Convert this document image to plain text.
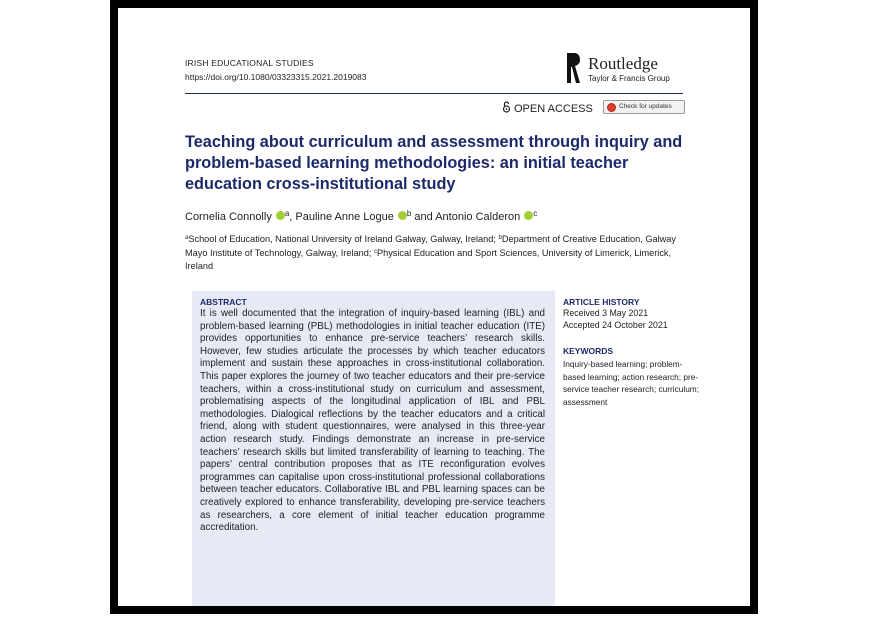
IRISH EDUCATIONAL STUDIES
https://doi.org/10.1080/03323315.2021.2019083
Routledge
Taylor & Francis Group
OPEN ACCESS	Check for updates
Teaching about curriculum and assessment through inquiry and problem-based learning methodologies: an initial teacher education cross-institutional study
Cornelia Connolly $^a$, Pauline Anne Logue $^b$ and Antonio Calderon $^c$
$^a$School of Education, National University of Ireland Galway, Galway, Ireland; $^b$Department of Creative Education, Galway Mayo Institute of Technology, Galway, Ireland; $^c$Physical Education and Sport Sciences, University of Limerick, Limerick, Ireland
ABSTRACT
It is well documented that the integration of inquiry-based learning (IBL) and problem-based learning (PBL) methodologies in initial teacher education (ITE) provides opportunities to enhance pre-service teachers’ research skills. However, few studies articulate the processes by which teacher educators implement and sustain these approaches in cross-institutional collaboration. This paper explores the journey of two teacher educators and their pre-service teachers, within a cross-institutional study on curriculum and assessment, problematising aspects of the longitudinal application of IBL and PBL methodologies. Dialogical reflections by the teacher educators and a critical friend, along with student questionnaires, were analysed in this three-year action research study. Findings demonstrate an increase in pre-service teachers’ research skills but limited transferability of learning to teaching. The papers’ central contribution proposes that as ITE reconfiguration evolves programmes can capitalise upon cross-institutional professional collaborations between teacher educators. Collaborative IBL and PBL learning spaces can be creatively explored to enhance transferability, developing pre-service teachers as researchers, a core element of initial teacher education programme accreditation.
ARTICLE HISTORY
Received 3 May 2021
Accepted 24 October 2021
KEYWORDS
Inquiry-based learning; problem-based learning; action research; pre-service teacher research; curriculum; assessment
